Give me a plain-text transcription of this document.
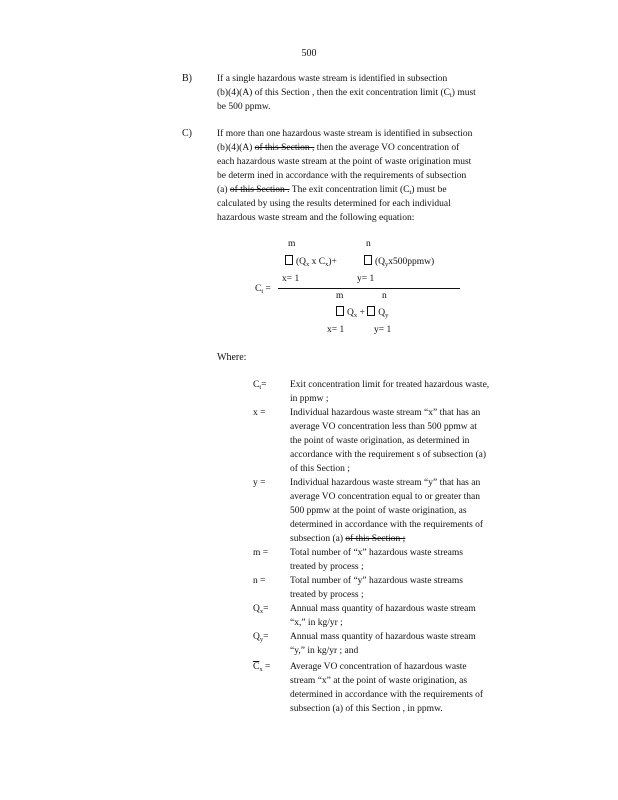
500
B)	If a single hazardous waste stream is identified in subsection
(b)(4)(A) of this Section , then the exit concentration limit $(C_t)$ must
be 500 ppmw.
C)	If more than one hazardous waste stream is identified in subsection
(b)(4)(A) of this Section , then the average VO concentration of
each hazardous waste stream at the point of waste origination must
be determ ined in accordance with the requirements of subsection
(a) of this Section . The exit concentration limit $(C_t)$ must be
calculated by using the results determined for each individual
hazardous waste stream and the following equation:
m	n
($Q_x$ x $C_x)+$	$(Q_yx500ppmw)$
x= 1	y= 1
$C_t$ =
m	n
$Q_x + Q_y$
x= 1	y= 1
Where:
$C_t=$ Exit concentration limit for treated hazardous waste,
in ppmw ;
x =	Individual hazardous waste stream “x” that has an
average VO concentration less than 500 ppmw at
the point of waste origination, as determined in
accordance with the requirement s of subsection (a)
of this Section ;
y =	Individual hazardous waste stream “y” that has an
average VO concentration equal to or greater than
500 ppmw at the point of waste origination, as
determined in accordance with the requirements of
subsection (a) of this Section ;
m = Total number of “x” hazardous waste streams
treated by process ;
n =	Total number of “y” hazardous waste streams
treated by process ;
$Q_x=$ Annual mass quantity of hazardous waste stream
“x,” in kg/yr ;
$Q_y=$ Annual mass quantity of hazardous waste stream
“y,” in kg/yr ; and
$\overline{C}_x$ = Average VO concentration of hazardous waste
stream “x” at the point of waste origination, as
determined in accordance with the requirements of
subsection (a) of this Section , in ppmw.
